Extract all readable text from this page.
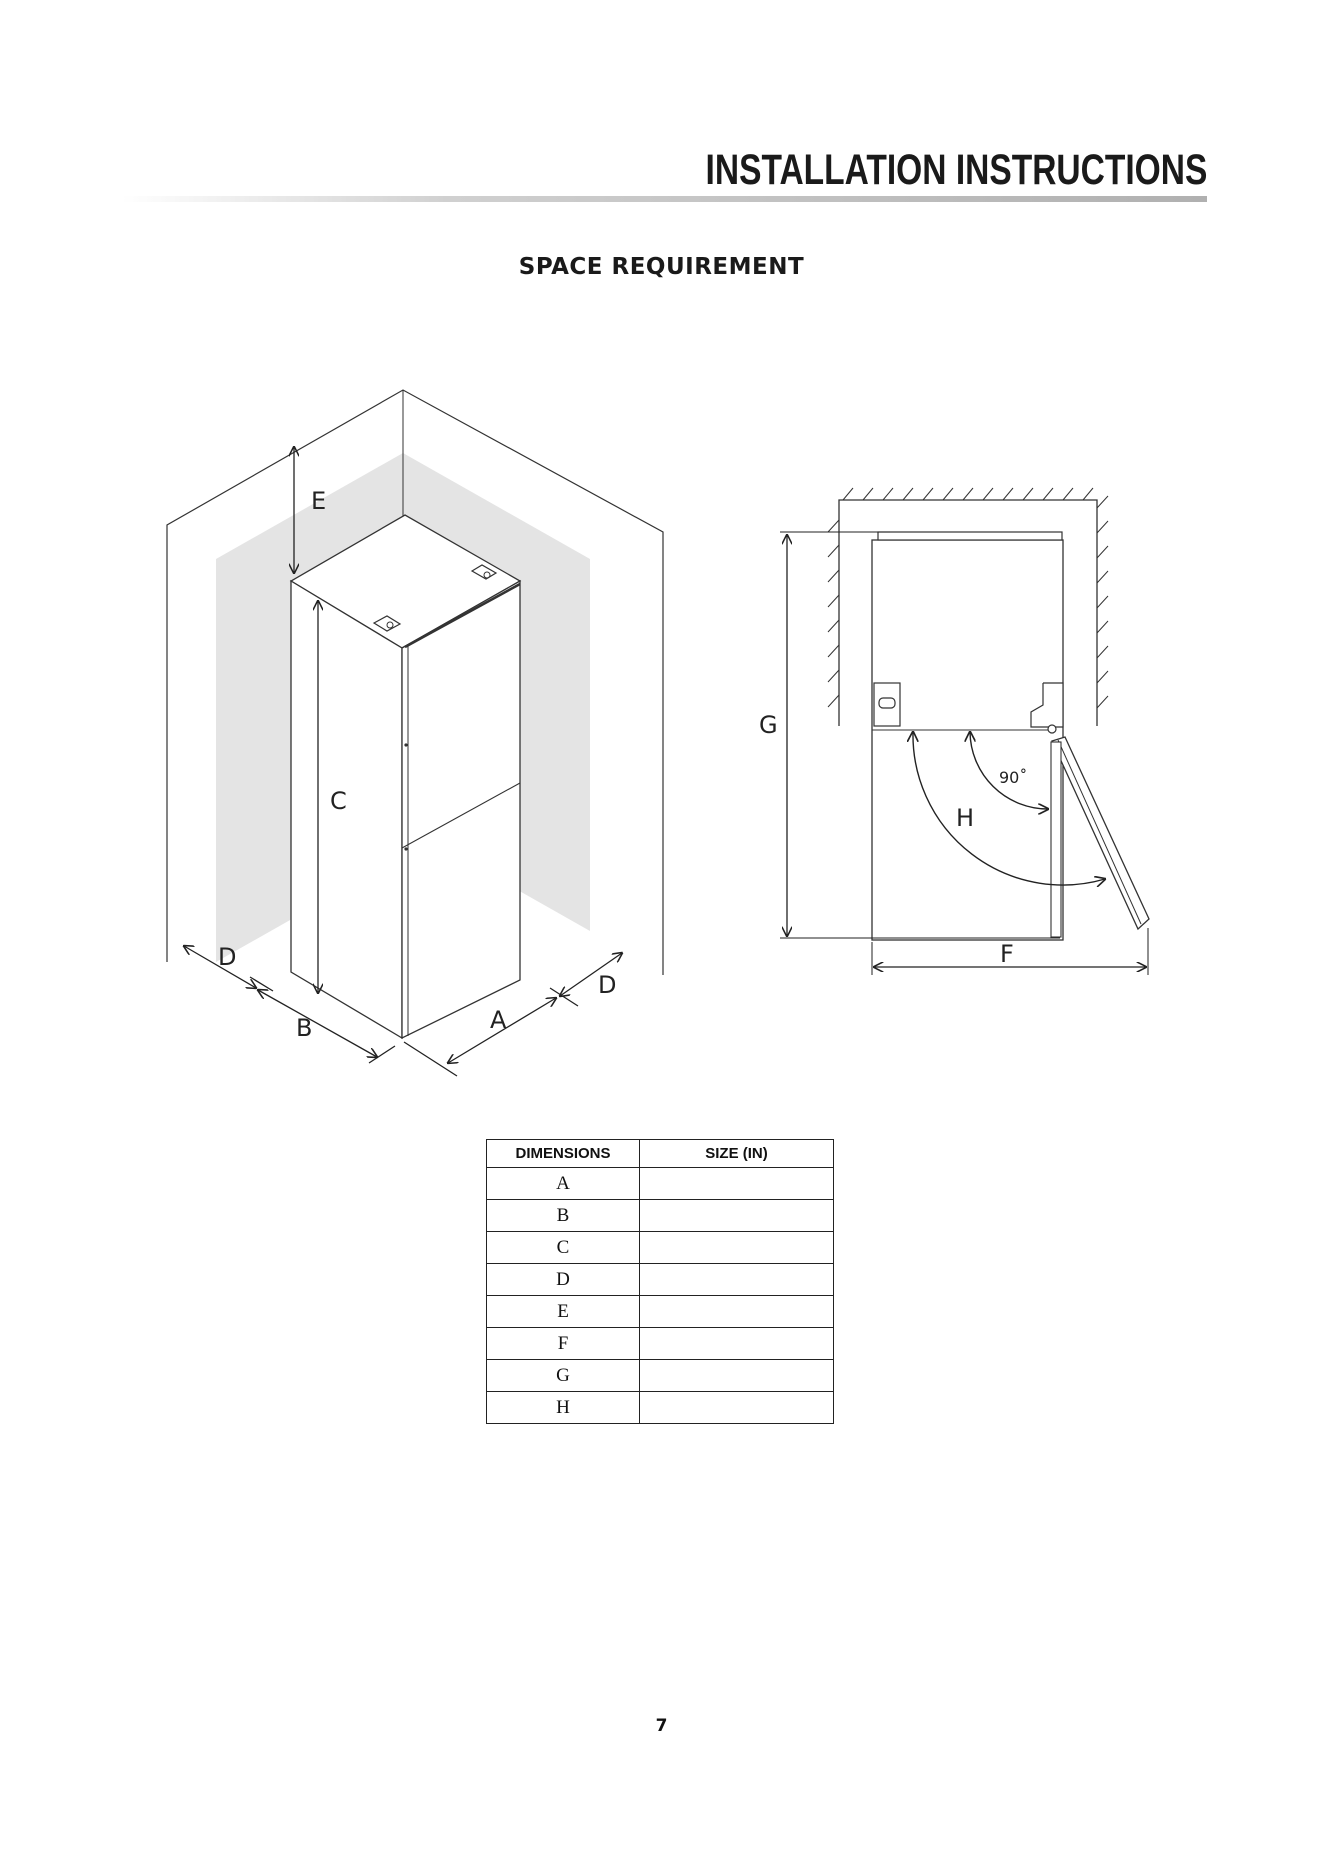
INSTALLATION INSTRUCTIONS
SPACE REQUIREMENT
E
C
D
B	A
D
G
F
H
90˚
DIMENSIONS	SIZE (IN)
A	
B	
C	
D	
E	
F	
G	
H	
7
